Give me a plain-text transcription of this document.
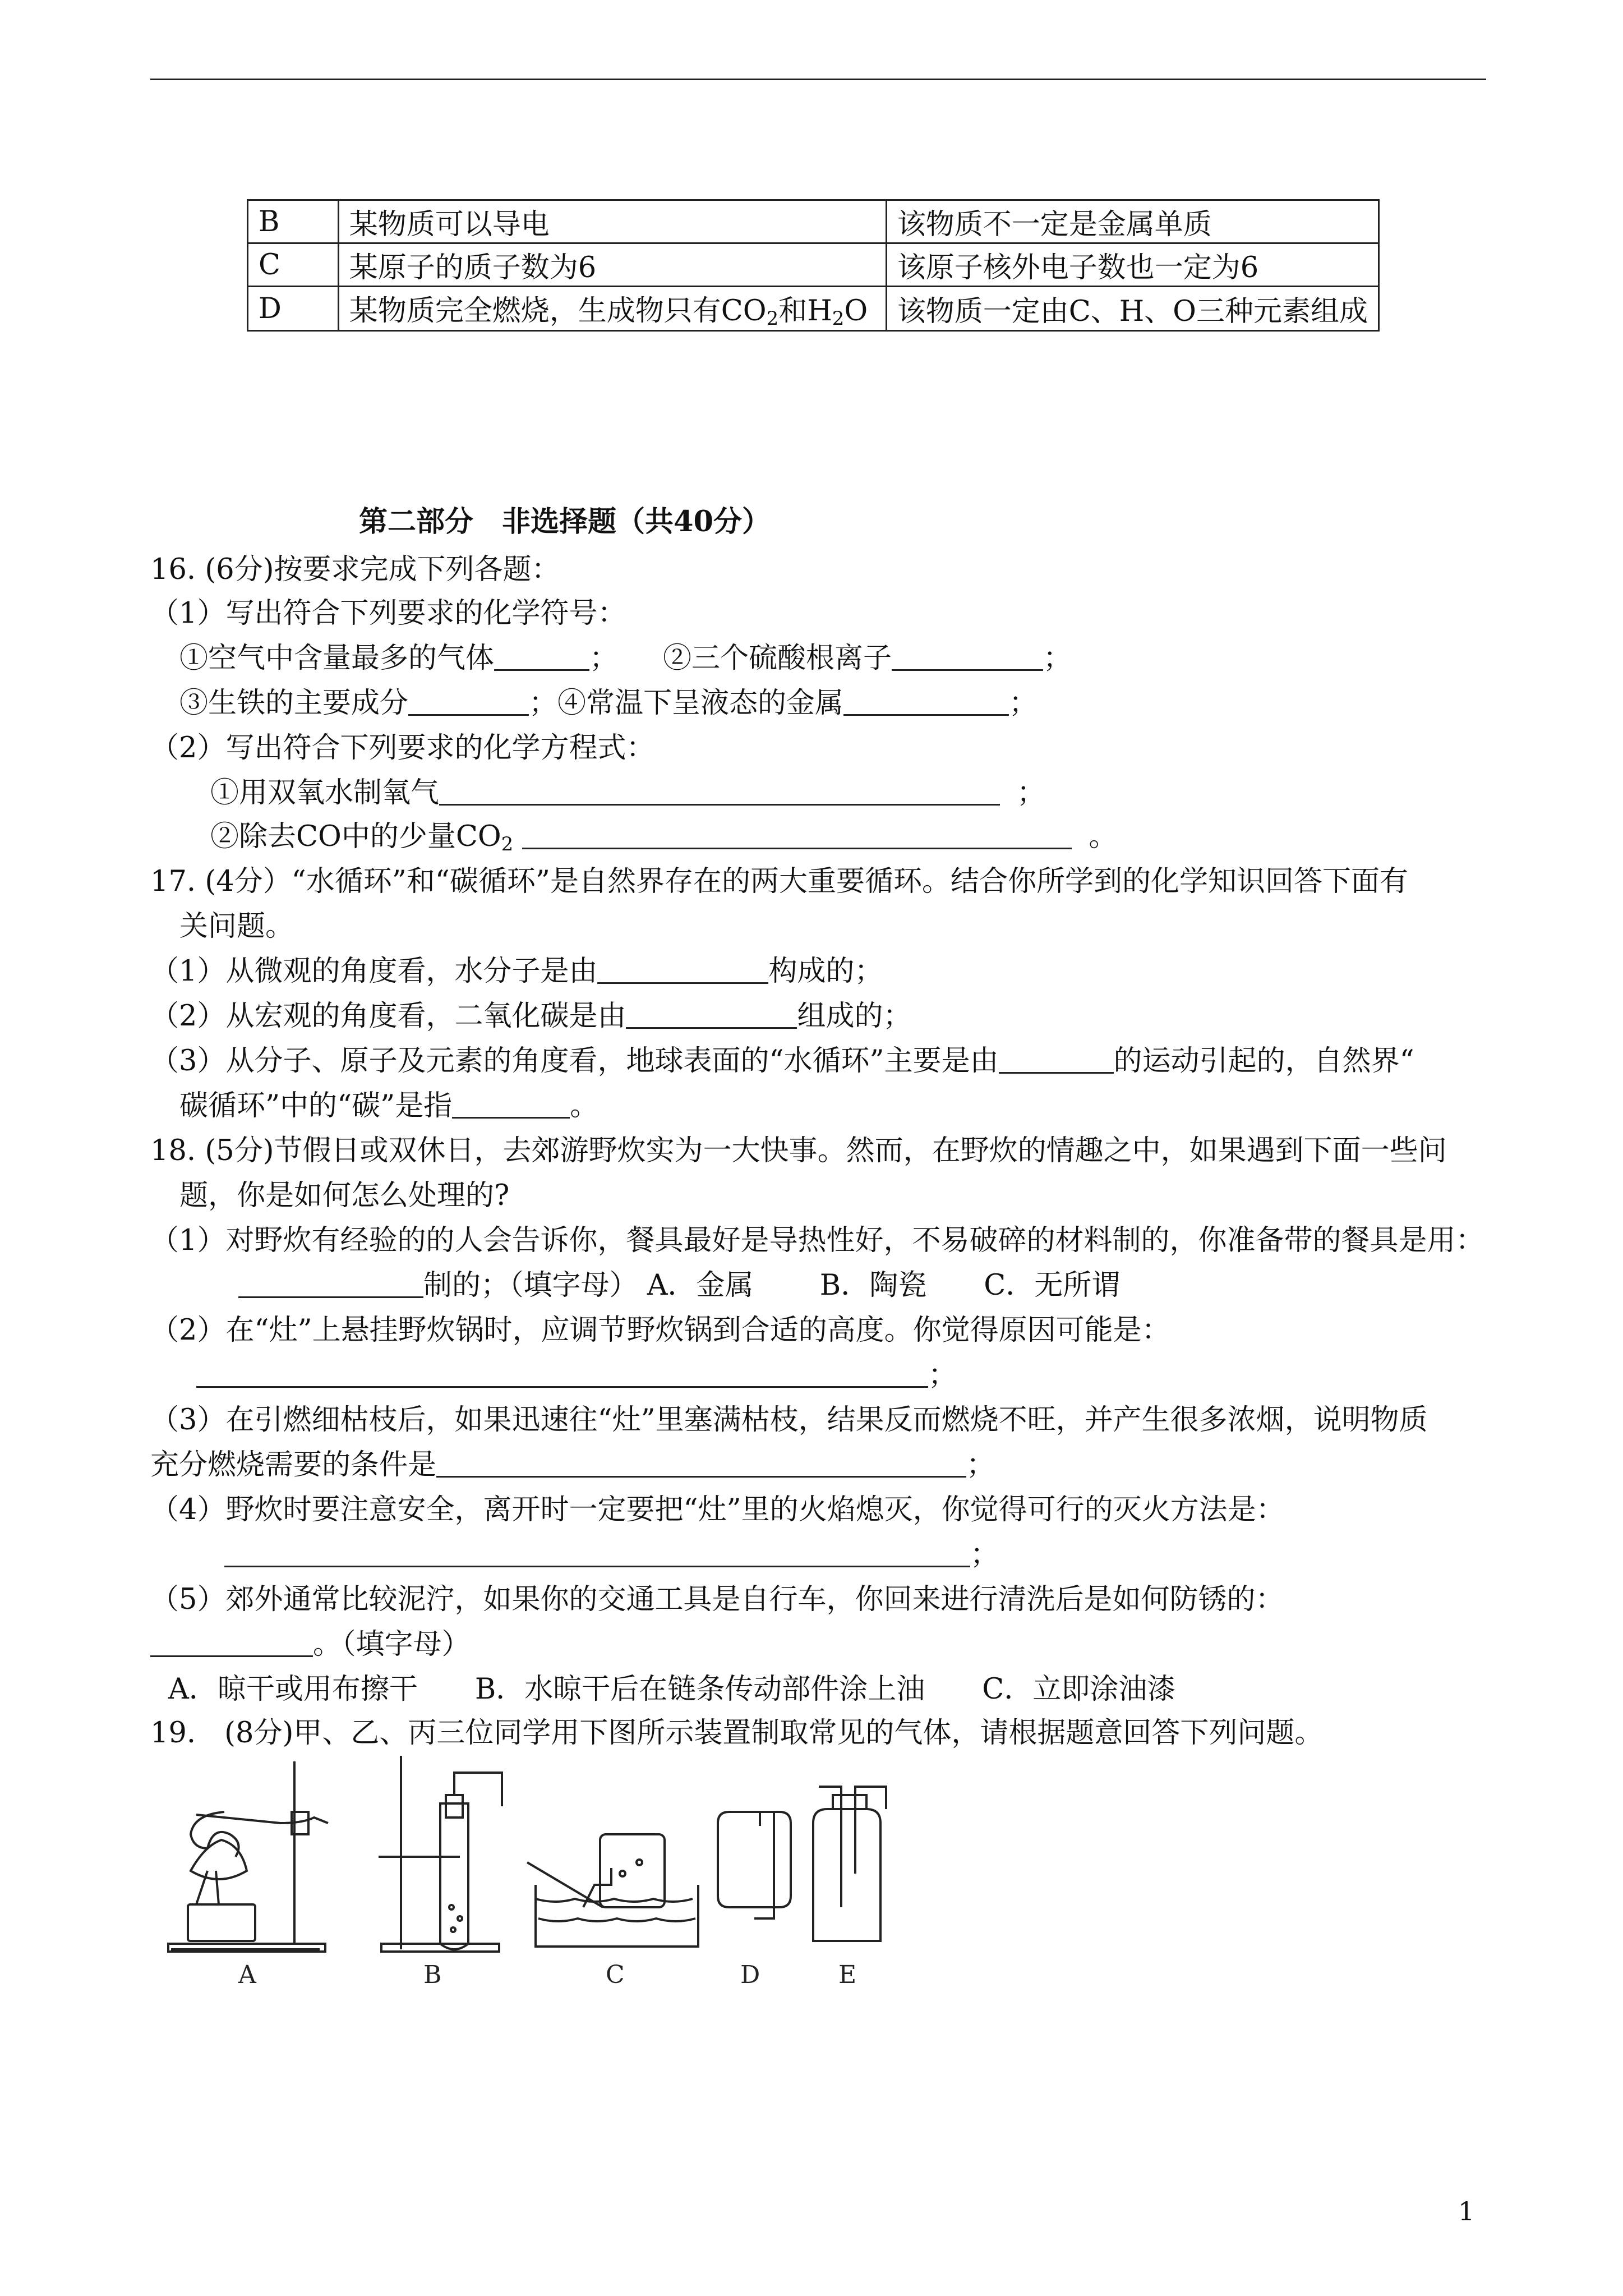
B	某物质可以导电	该物质不一定是金属单质
C	某原子的质子数为6	该原子核外电子数也一定为6
D	某物质完全燃烧，生成物只有$CO_2$和$H_2O$	该物质一定由C、H、O三种元素组成
第二部分　非选择题（共40分）
16. (6分)按要求完成下列各题：
（1）写出符合下列要求的化学符号：
①空气中含量最多的气体	； ②三个硫酸根离子	；
③生铁的主要成分	；④常温下呈液态的金属	；
（2）写出符合下列要求的化学方程式：
①用双氧水制氧气	；
②除去CO中的少量$CO_2$	。
17. (4分）“水循环”和“碳循环”是自然界存在的两大重要循环。结合你所学到的化学知识回答下面有
关问题。
（1）从微观的角度看，水分子是由	构成的；
（2）从宏观的角度看，二氧化碳是由	组成的；
（3）从分子、原子及元素的角度看，地球表面的“水循环”主要是由	的运动引起的，自然界“
碳循环”中的“碳”是指	。
18. (5分)节假日或双休日，去郊游野炊实为一大快事。然而，在野炊的情趣之中，如果遇到下面一些问
题，你是如何怎么处理的?
（1）对野炊有经验的的人会告诉你，餐具最好是导热性好，不易破碎的材料制的，你准备带的餐具是用：
制的；（填字母） A．金属　　 B．陶瓷　　C．无所谓
（2）在“灶”上悬挂野炊锅时，应调节野炊锅到合适的高度。你觉得原因可能是：
；
（3）在引燃细枯枝后，如果迅速往“灶”里塞满枯枝，结果反而燃烧不旺，并产生很多浓烟，说明物质
充分燃烧需要的条件是	；
（4）野炊时要注意安全，离开时一定要把“灶”里的火焰熄灭，你觉得可行的灭火方法是：
；
（5）郊外通常比较泥泞，如果你的交通工具是自行车，你回来进行清洗后是如何防锈的：
。（填字母）
A．晾干或用布擦干　　B．水晾干后在链条传动部件涂上油　　C．立即涂油漆
19.　(8分)甲、乙、丙三位同学用下图所示装置制取常见的气体，请根据题意回答下列问题。
A	B	C	D	E
1
